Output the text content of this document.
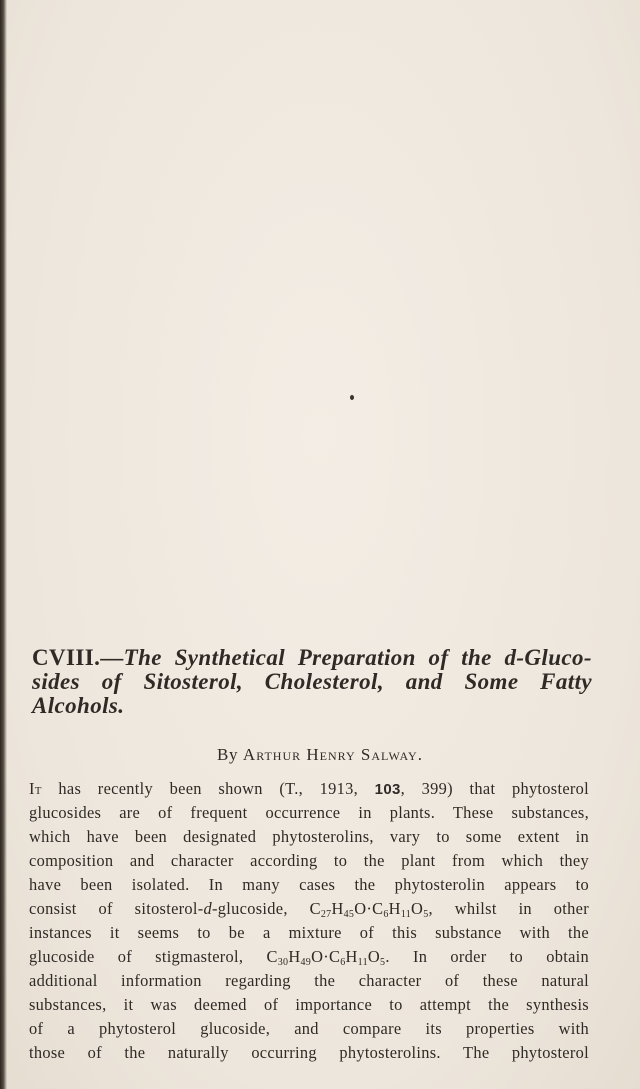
CVIII.—The Synthetical Preparation of the d-Gluco-
sides of Sitosterol, Cholesterol, and Some Fatty
Alcohols.

By Arthur Henry Salway.

It has recently been shown (T., 1913, 103, 399) that phytosterol
glucosides are of frequent occurrence in plants. These substances,
which have been designated phytosterolins, vary to some extent in
composition and character according to the plant from which they
have been isolated. In many cases the phytosterolin appears to
consist of sitosterol-d-glucoside, $C_{27}H_{45}O\cdot C_6H_{11}O_5$, whilst in other
instances it seems to be a mixture of this substance with the
glucoside of stigmasterol, $C_{30}H_{49}O\cdot C_6H_{11}O_5$. In order to obtain
additional information regarding the character of these natural
substances, it was deemed of importance to attempt the synthesis
of a phytosterol glucoside, and compare its properties with
those of the naturally occurring phytosterolins. The phytosterol
